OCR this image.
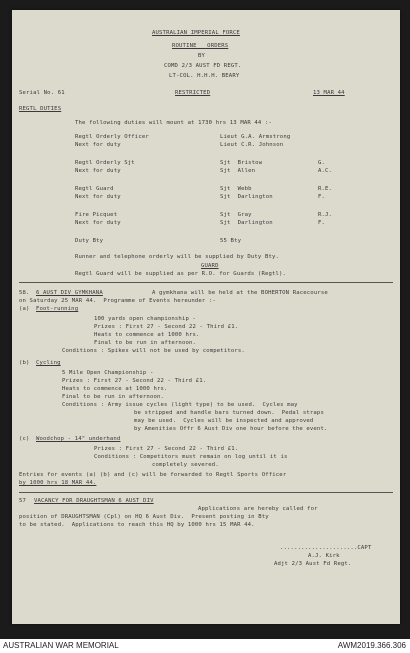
AUSTRALIAN IMPERIAL FORCE
ROUTINE   ORDERS
BY
COMD 2/3 AUST FD REGT.
LT-COL. H.H.H. BEARY
Serial No. 61	RESTRICTED	13 MAR 44
REGTL DUTIES
The following duties will mount at 1730 hrs 13 MAR 44 :-
Regtl Orderly Officer	Lieut G.A. Armstrong
Next for duty	Lieut C.R. Johnson
Regtl Orderly Sjt	Sjt  Bristow	G.
Next for duty	Sjt  Allen	A.C.
Regtl Guard	Sjt  Webb	R.E.
Next for duty	Sjt  Darlington	F.
Fire Picquet	Sjt  Gray	R.J.
Next for duty	Sjt  Darlington	F.
Duty Bty	55 Bty
Runner and telephone orderly will be supplied by Duty Bty.
GUARD
Regtl Guard will be supplied as per R.O. for Guards (Regtl).
58. 6 AUST DIV GYMKHANA	A gymkhana will be held at the BOHERTON Racecourse
on Saturday 25 MAR 44.  Programme of Events hereunder :-
(a) Foot-running
100 yards open championship -
Prizes : First 27 - Second 22 - Third £1.
Heats to commence at 1000 hrs.
Final to be run in afternoon.
Conditions : Spikes will not be used by competitors.
(b) Cycling
5 Mile Open Championship -
Prizes : First 27 - Second 22 - Third £1.
Heats to commence at 1000 hrs.
Final to be run in afternoon.
Conditions : Army issue cycles (light type) to be used.  Cycles may
be stripped and handle bars turned down.  Pedal straps
may be used.  Cycles will be inspected and approved
by Amenities Offr 6 Aust Div one hour before the event.
(c) Woodchop - 14" underhand
Prizes : First 27 - Second 22 - Third £1.
Conditions : Competitors must remain on log until it is
completely severed.
Entries for events (a) (b) and (c) will be forwarded to Regtl Sports Officer
by 1000 hrs 18 MAR 44.
57 VACANCY FOR DRAUGHTSMAN 6 AUST DIV
Applications are hereby called for
position of DRAUGHTSMAN (Cpl) on HQ 6 Aust Div.  Present posting in Bty
to be stated.  Applications to reach this HQ by 1000 hrs 15 MAR 44.
......................CAPT
A.J. Kirk
Adjt 2/3 Aust Fd Regt.
AUSTRALIAN WAR MEMORIAL	AWM2019.366.306
